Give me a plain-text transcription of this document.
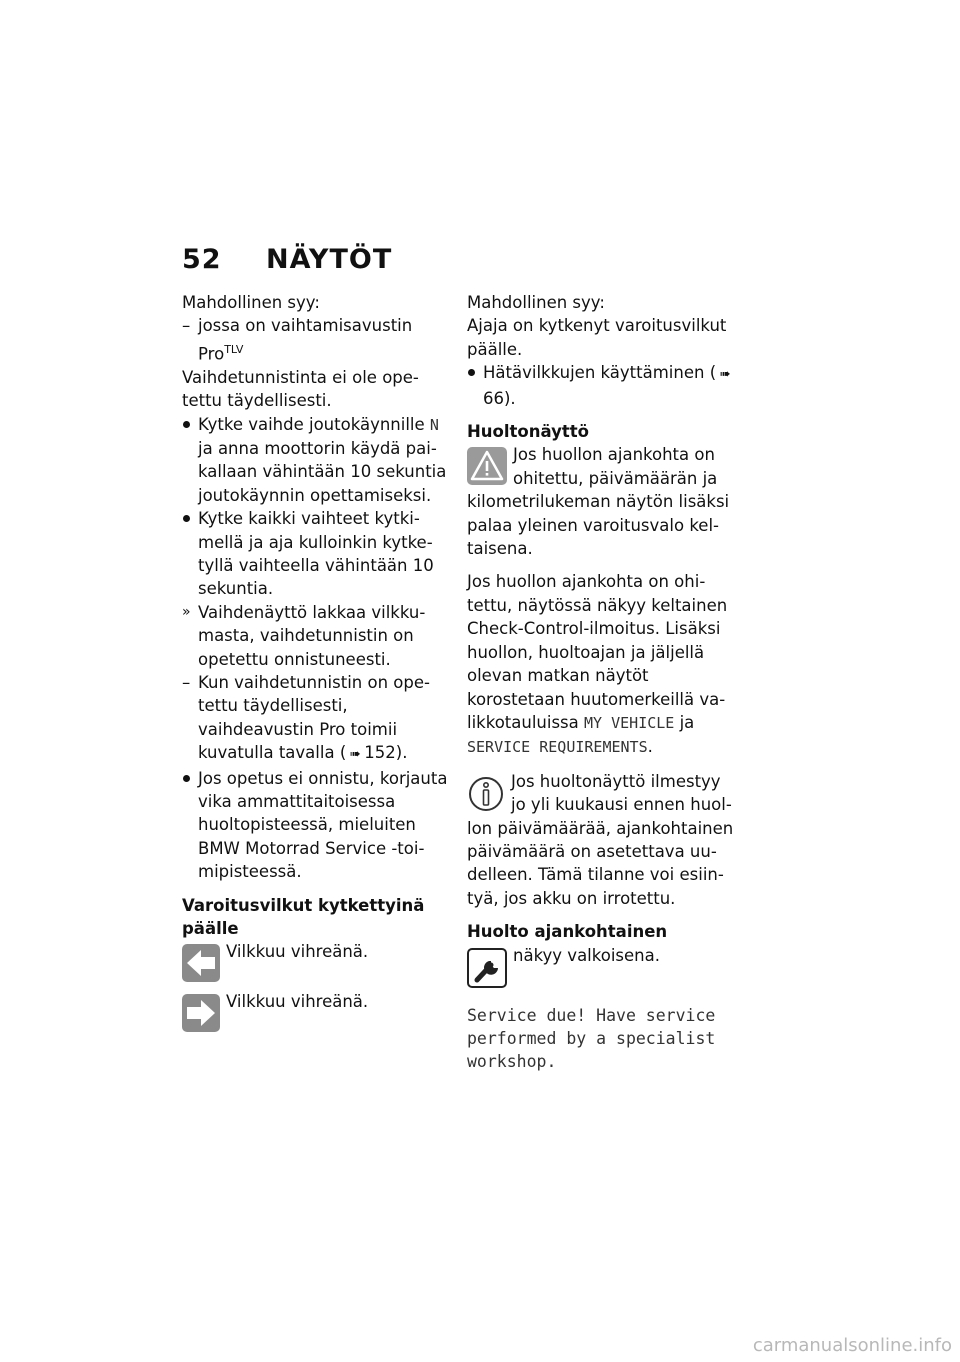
52 NÄYTÖT

Mahdollinen syy:

– jossa on vaihtamisavustin Pro$^{TLV}$

Vaihdetunnistinta ei ole opetettu täydellisesti.

Kytke vaihde joutokäynnille N ja anna moottorin käydä paikallaan vähintään 10 sekuntia joutokäynnin opettamiseksi.

Kytke kaikki vaihteet kytkimellä ja aja kulloinkin kytketyllä vaihteella vähintään 10 sekuntia.

» Vaihdenäyttö lakkaa vilkkumasta, vaihdetunnistin on opetettu onnistuneesti.

– Kun vaihdetunnistin on opetettu täydellisesti, vaihdeavustin Pro toimii kuvatulla tavalla ( ➠ 152).

Jos opetus ei onnistu, korjauta vika ammattitaitoisessa huoltopisteessä, mieluiten BMW Motorrad Service -toimipisteessä.

Varoitusvilkut kytkettyinä päälle

Vilkkuu vihreänä.
Vilkkuu vihreänä.

Mahdollinen syy:

Ajaja on kytkenyt varoitusvilkut päälle.

Hätävilkkujen käyttäminen ( ➠66).

Huoltonäyttö

Jos huollon ajankohta on ohitettu, päivämäärän ja kilometrilukeman näytön lisäksi palaa yleinen varoitusvalo keltaisena.

Jos huollon ajankohta on ohitettu, näytössä näkyy keltainen Check-Control-ilmoitus. Lisäksi huollon, huoltoajan ja jäljellä olevan matkan näytöt korostetaan huutomerkeillä valikkotauluissa MY VEHICLE ja SERVICE REQUIREMENTS.

Jos huoltonäyttö ilmestyy jo yli kuukausi ennen huollon päivämäärää, ajankohtainen päivämäärä on asetettava uudelleen. Tämä tilanne voi esiintyä, jos akku on irrotettu.

Huolto ajankohtainen

näkyy valkoisena.
Service due! Have service performed by a specialist workshop.
carmanualsonline.info
